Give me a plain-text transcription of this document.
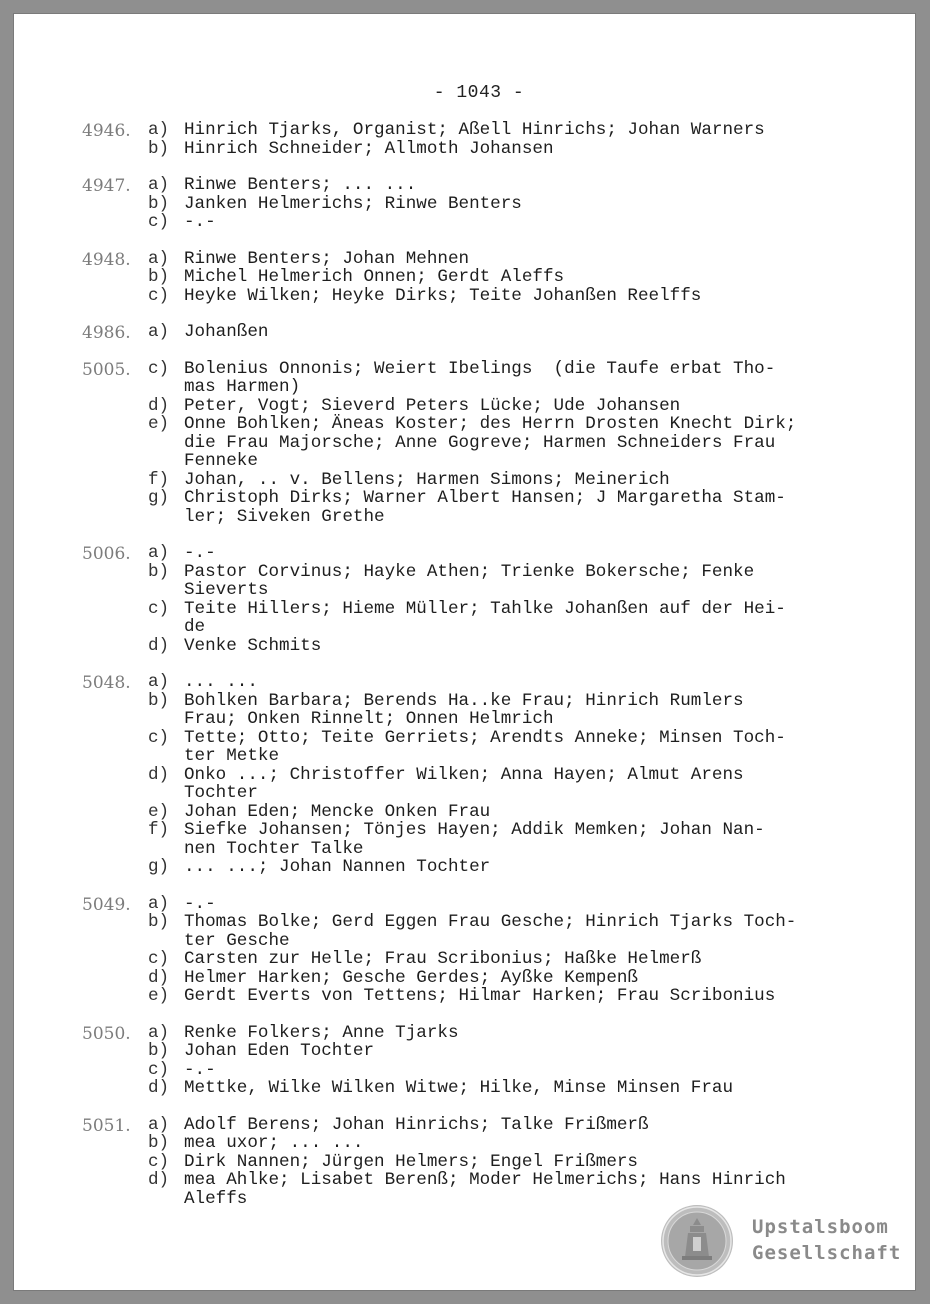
- 1043 -
4946. a) Hinrich Tjarks, Organist; Aßell Hinrichs; Johan Warners
b) Hinrich Schneider; Allmoth Johansen
4947. a) Rinwe Benters; ... ...
b) Janken Helmerichs; Rinwe Benters
c) -.-
4948. a) Rinwe Benters; Johan Mehnen
b) Michel Helmerich Onnen; Gerdt Aleffs
c) Heyke Wilken; Heyke Dirks; Teite Johanßen Reelffs
4986. a) Johanßen
5005. c) Bolenius Onnonis; Weiert Ibelings  (die Taufe erbat Tho-
mas Harmen)
d) Peter, Vogt; Sieverd Peters Lücke; Ude Johansen
e) Onne Bohlken; Äneas Koster; des Herrn Drosten Knecht Dirk;
die Frau Majorsche; Anne Gogreve; Harmen Schneiders Frau
Fenneke
f) Johan, .. v. Bellens; Harmen Simons; Meinerich
g) Christoph Dirks; Warner Albert Hansen; J Margaretha Stam-
ler; Siveken Grethe
5006. a) -.-
b) Pastor Corvinus; Hayke Athen; Trienke Bokersche; Fenke
Sieverts
c) Teite Hillers; Hieme Müller; Tahlke Johanßen auf der Hei-
de
d) Venke Schmits
5048. a) ... ...
b) Bohlken Barbara; Berends Ha..ke Frau; Hinrich Rumlers
Frau; Onken Rinnelt; Onnen Helmrich
c) Tette; Otto; Teite Gerriets; Arendts Anneke; Minsen Toch-
ter Metke
d) Onko ...; Christoffer Wilken; Anna Hayen; Almut Arens
Tochter
e) Johan Eden; Mencke Onken Frau
f) Siefke Johansen; Tönjes Hayen; Addik Memken; Johan Nan-
nen Tochter Talke
g) ... ...; Johan Nannen Tochter
5049. a) -.-
b) Thomas Bolke; Gerd Eggen Frau Gesche; Hinrich Tjarks Toch-
ter Gesche
c) Carsten zur Helle; Frau Scribonius; Haßke Helmerß
d) Helmer Harken; Gesche Gerdes; Ayßke Kempenß
e) Gerdt Everts von Tettens; Hilmar Harken; Frau Scribonius
5050. a) Renke Folkers; Anne Tjarks
b) Johan Eden Tochter
c) -.-
d) Mettke, Wilke Wilken Witwe; Hilke, Minse Minsen Frau
5051. a) Adolf Berens; Johan Hinrichs; Talke Frißmerß
b) mea uxor; ... ...
c) Dirk Nannen; Jürgen Helmers; Engel Frißmers
d) mea Ahlke; Lisabet Berenß; Moder Helmerichs; Hans Hinrich
Aleffs
Upstalsboom
Gesellschaft
